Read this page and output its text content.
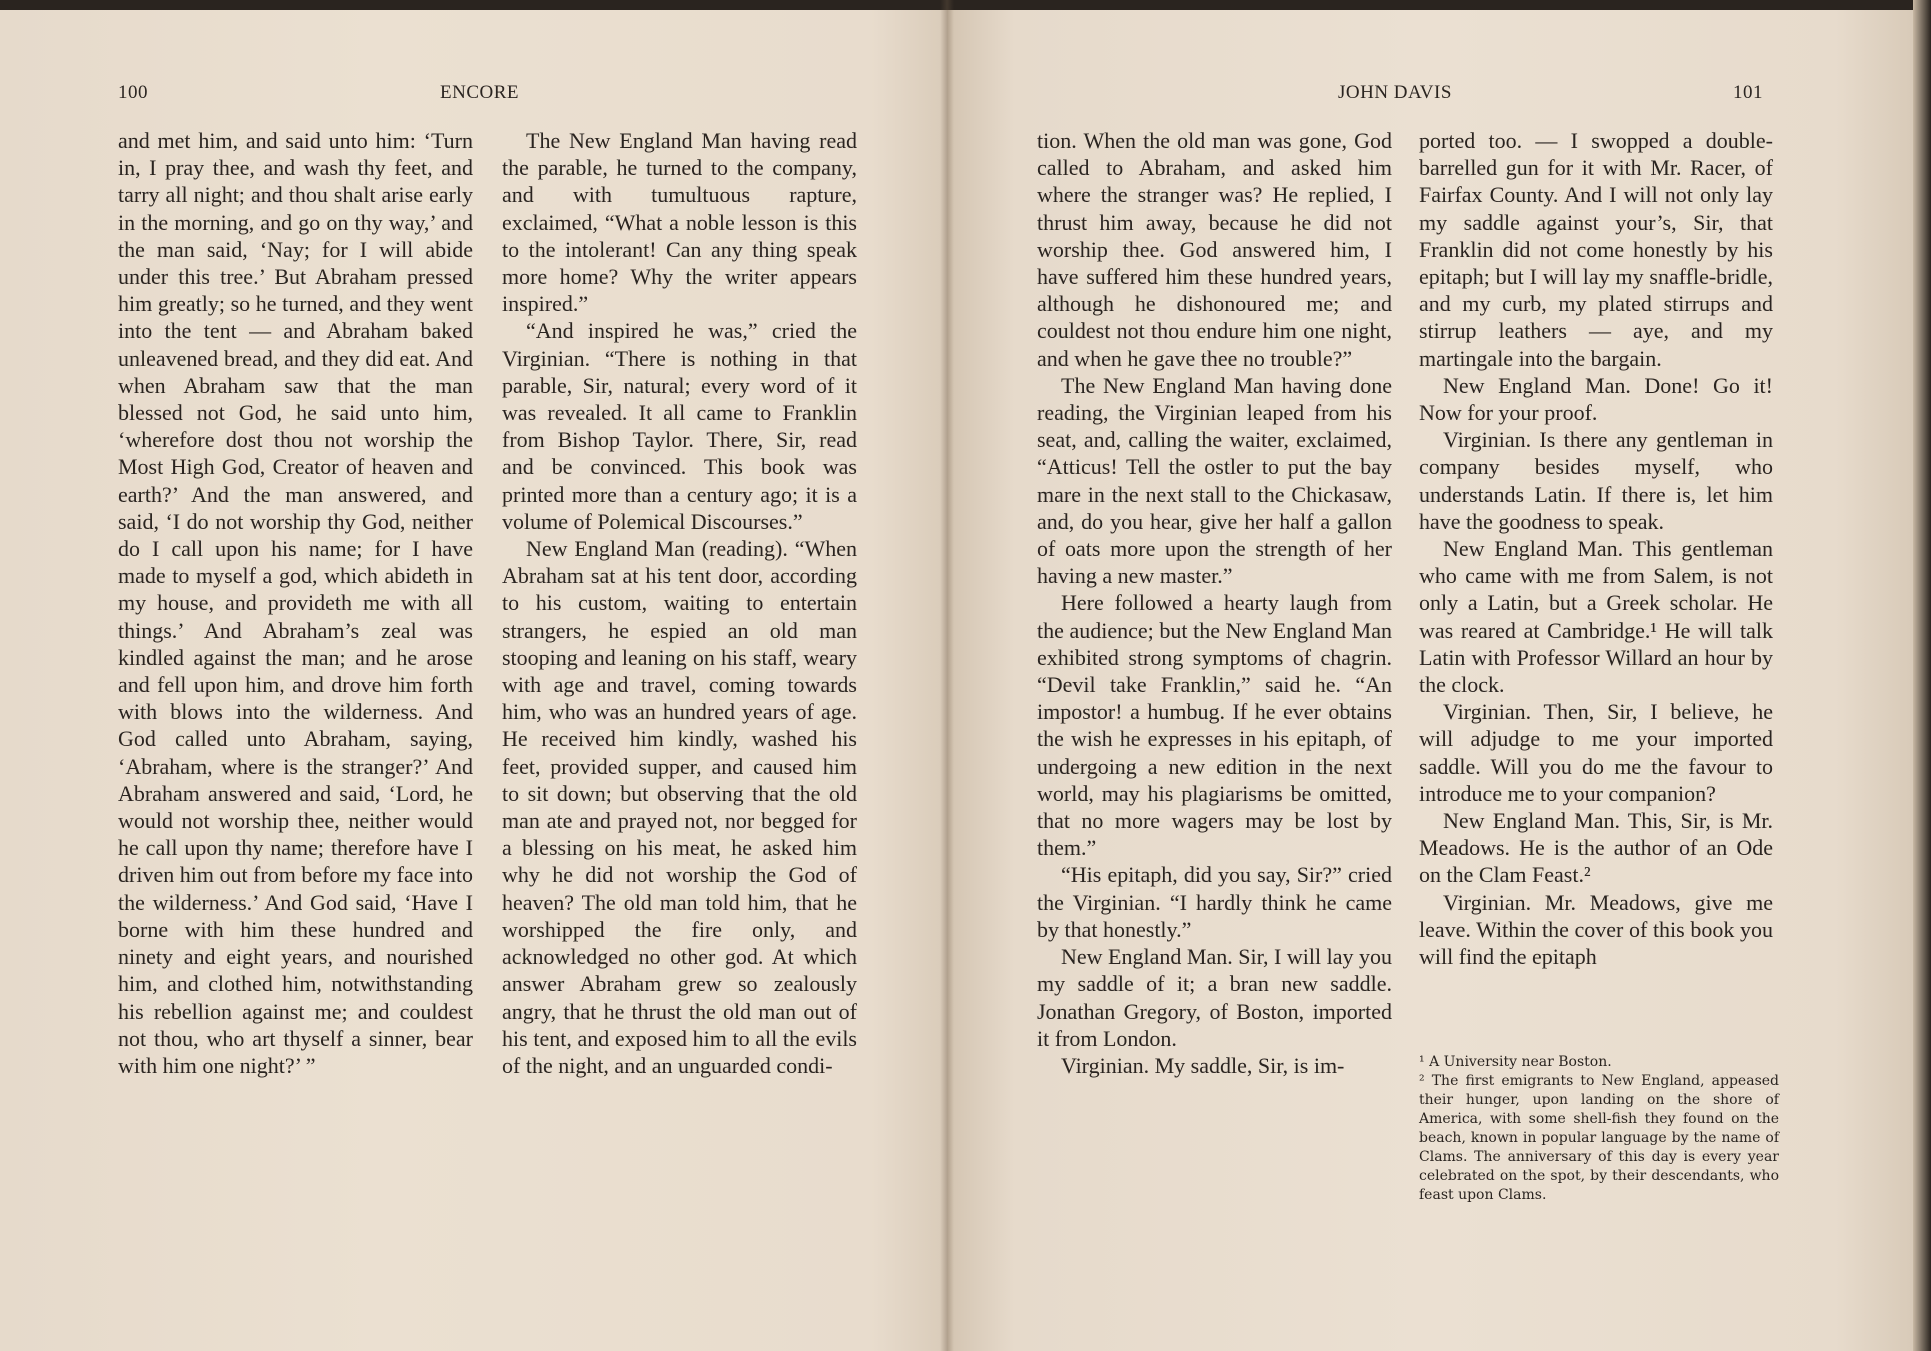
100	ENCORE	JOHN DAVIS	101

and met him, and said unto him: ‘Turn in, I pray thee, and wash thy feet, and tarry all night; and thou shalt arise early in the morning, and go on thy way,’ and the man said, ‘Nay; for I will abide under this tree.’ But Abraham pressed him greatly; so he turned, and they went into the tent — and Abraham baked unleavened bread, and they did eat. And when Abraham saw that the man blessed not God, he said unto him, ‘wherefore dost thou not worship the Most High God, Creator of heaven and earth?’ And the man answered, and said, ‘I do not worship thy God, neither do I call upon his name; for I have made to myself a god, which abideth in my house, and provideth me with all things.’ And Abraham’s zeal was kindled against the man; and he arose and fell upon him, and drove him forth with blows into the wilderness. And God called unto Abraham, saying, ‘Abraham, where is the stranger?’ And Abraham answered and said, ‘Lord, he would not worship thee, neither would he call upon thy name; therefore have I driven him out from before my face into the wilderness.’ And God said, ‘Have I borne with him these hundred and ninety and eight years, and nourished him, and clothed him, notwithstanding his rebellion against me; and couldest not thou, who art thyself a sinner, bear with him one night?’ ”

The New England Man having read the parable, he turned to the company, and with tumultuous rapture, exclaimed, “What a noble lesson is this to the intolerant! Can any thing speak more home? Why the writer appears inspired.”

“And inspired he was,” cried the Virginian. “There is nothing in that parable, Sir, natural; every word of it was revealed. It all came to Franklin from Bishop Taylor. There, Sir, read and be convinced. This book was printed more than a century ago; it is a volume of Polemical Discourses.”

New England Man (reading). “When Abraham sat at his tent door, according to his custom, waiting to entertain strangers, he espied an old man stooping and leaning on his staff, weary with age and travel, coming towards him, who was an hundred years of age. He received him kindly, washed his feet, provided supper, and caused him to sit down; but observing that the old man ate and prayed not, nor begged for a blessing on his meat, he asked him why he did not worship the God of heaven? The old man told him, that he worshipped the fire only, and acknowledged no other god. At which answer Abraham grew so zealously angry, that he thrust the old man out of his tent, and exposed him to all the evils of the night, and an unguarded condi-

tion. When the old man was gone, God called to Abraham, and asked him where the stranger was? He replied, I thrust him away, because he did not worship thee. God answered him, I have suffered him these hundred years, although he dishonoured me; and couldest not thou endure him one night, and when he gave thee no trouble?”

The New England Man having done reading, the Virginian leaped from his seat, and, calling the waiter, exclaimed, “Atticus! Tell the ostler to put the bay mare in the next stall to the Chickasaw, and, do you hear, give her half a gallon of oats more upon the strength of her having a new master.”

Here followed a hearty laugh from the audience; but the New England Man exhibited strong symptoms of chagrin. “Devil take Franklin,” said he. “An impostor! a humbug. If he ever obtains the wish he expresses in his epitaph, of undergoing a new edition in the next world, may his plagiarisms be omitted, that no more wagers may be lost by them.”

“His epitaph, did you say, Sir?” cried the Virginian. “I hardly think he came by that honestly.”

New England Man. Sir, I will lay you my saddle of it; a bran new saddle. Jonathan Gregory, of Boston, imported it from London.

Virginian. My saddle, Sir, is im-

ported too. — I swopped a double-barrelled gun for it with Mr. Racer, of Fairfax County. And I will not only lay my saddle against your’s, Sir, that Franklin did not come honestly by his epitaph; but I will lay my snaffle-bridle, and my curb, my plated stirrups and stirrup leathers — aye, and my martingale into the bargain.

New England Man. Done! Go it! Now for your proof.

Virginian. Is there any gentleman in company besides myself, who understands Latin. If there is, let him have the goodness to speak.

New England Man. This gentleman who came with me from Salem, is not only a Latin, but a Greek scholar. He was reared at Cambridge.¹ He will talk Latin with Professor Willard an hour by the clock.

Virginian. Then, Sir, I believe, he will adjudge to me your imported saddle. Will you do me the favour to introduce me to your companion?

New England Man. This, Sir, is Mr. Meadows. He is the author of an Ode on the Clam Feast.²

Virginian. Mr. Meadows, give me leave. Within the cover of this book you will find the epitaph

¹ A University near Boston.

² The first emigrants to New England, appeased their hunger, upon landing on the shore of America, with some shell-fish they found on the beach, known in popular language by the name of Clams. The anniversary of this day is every year celebrated on the spot, by their descendants, who feast upon Clams.
